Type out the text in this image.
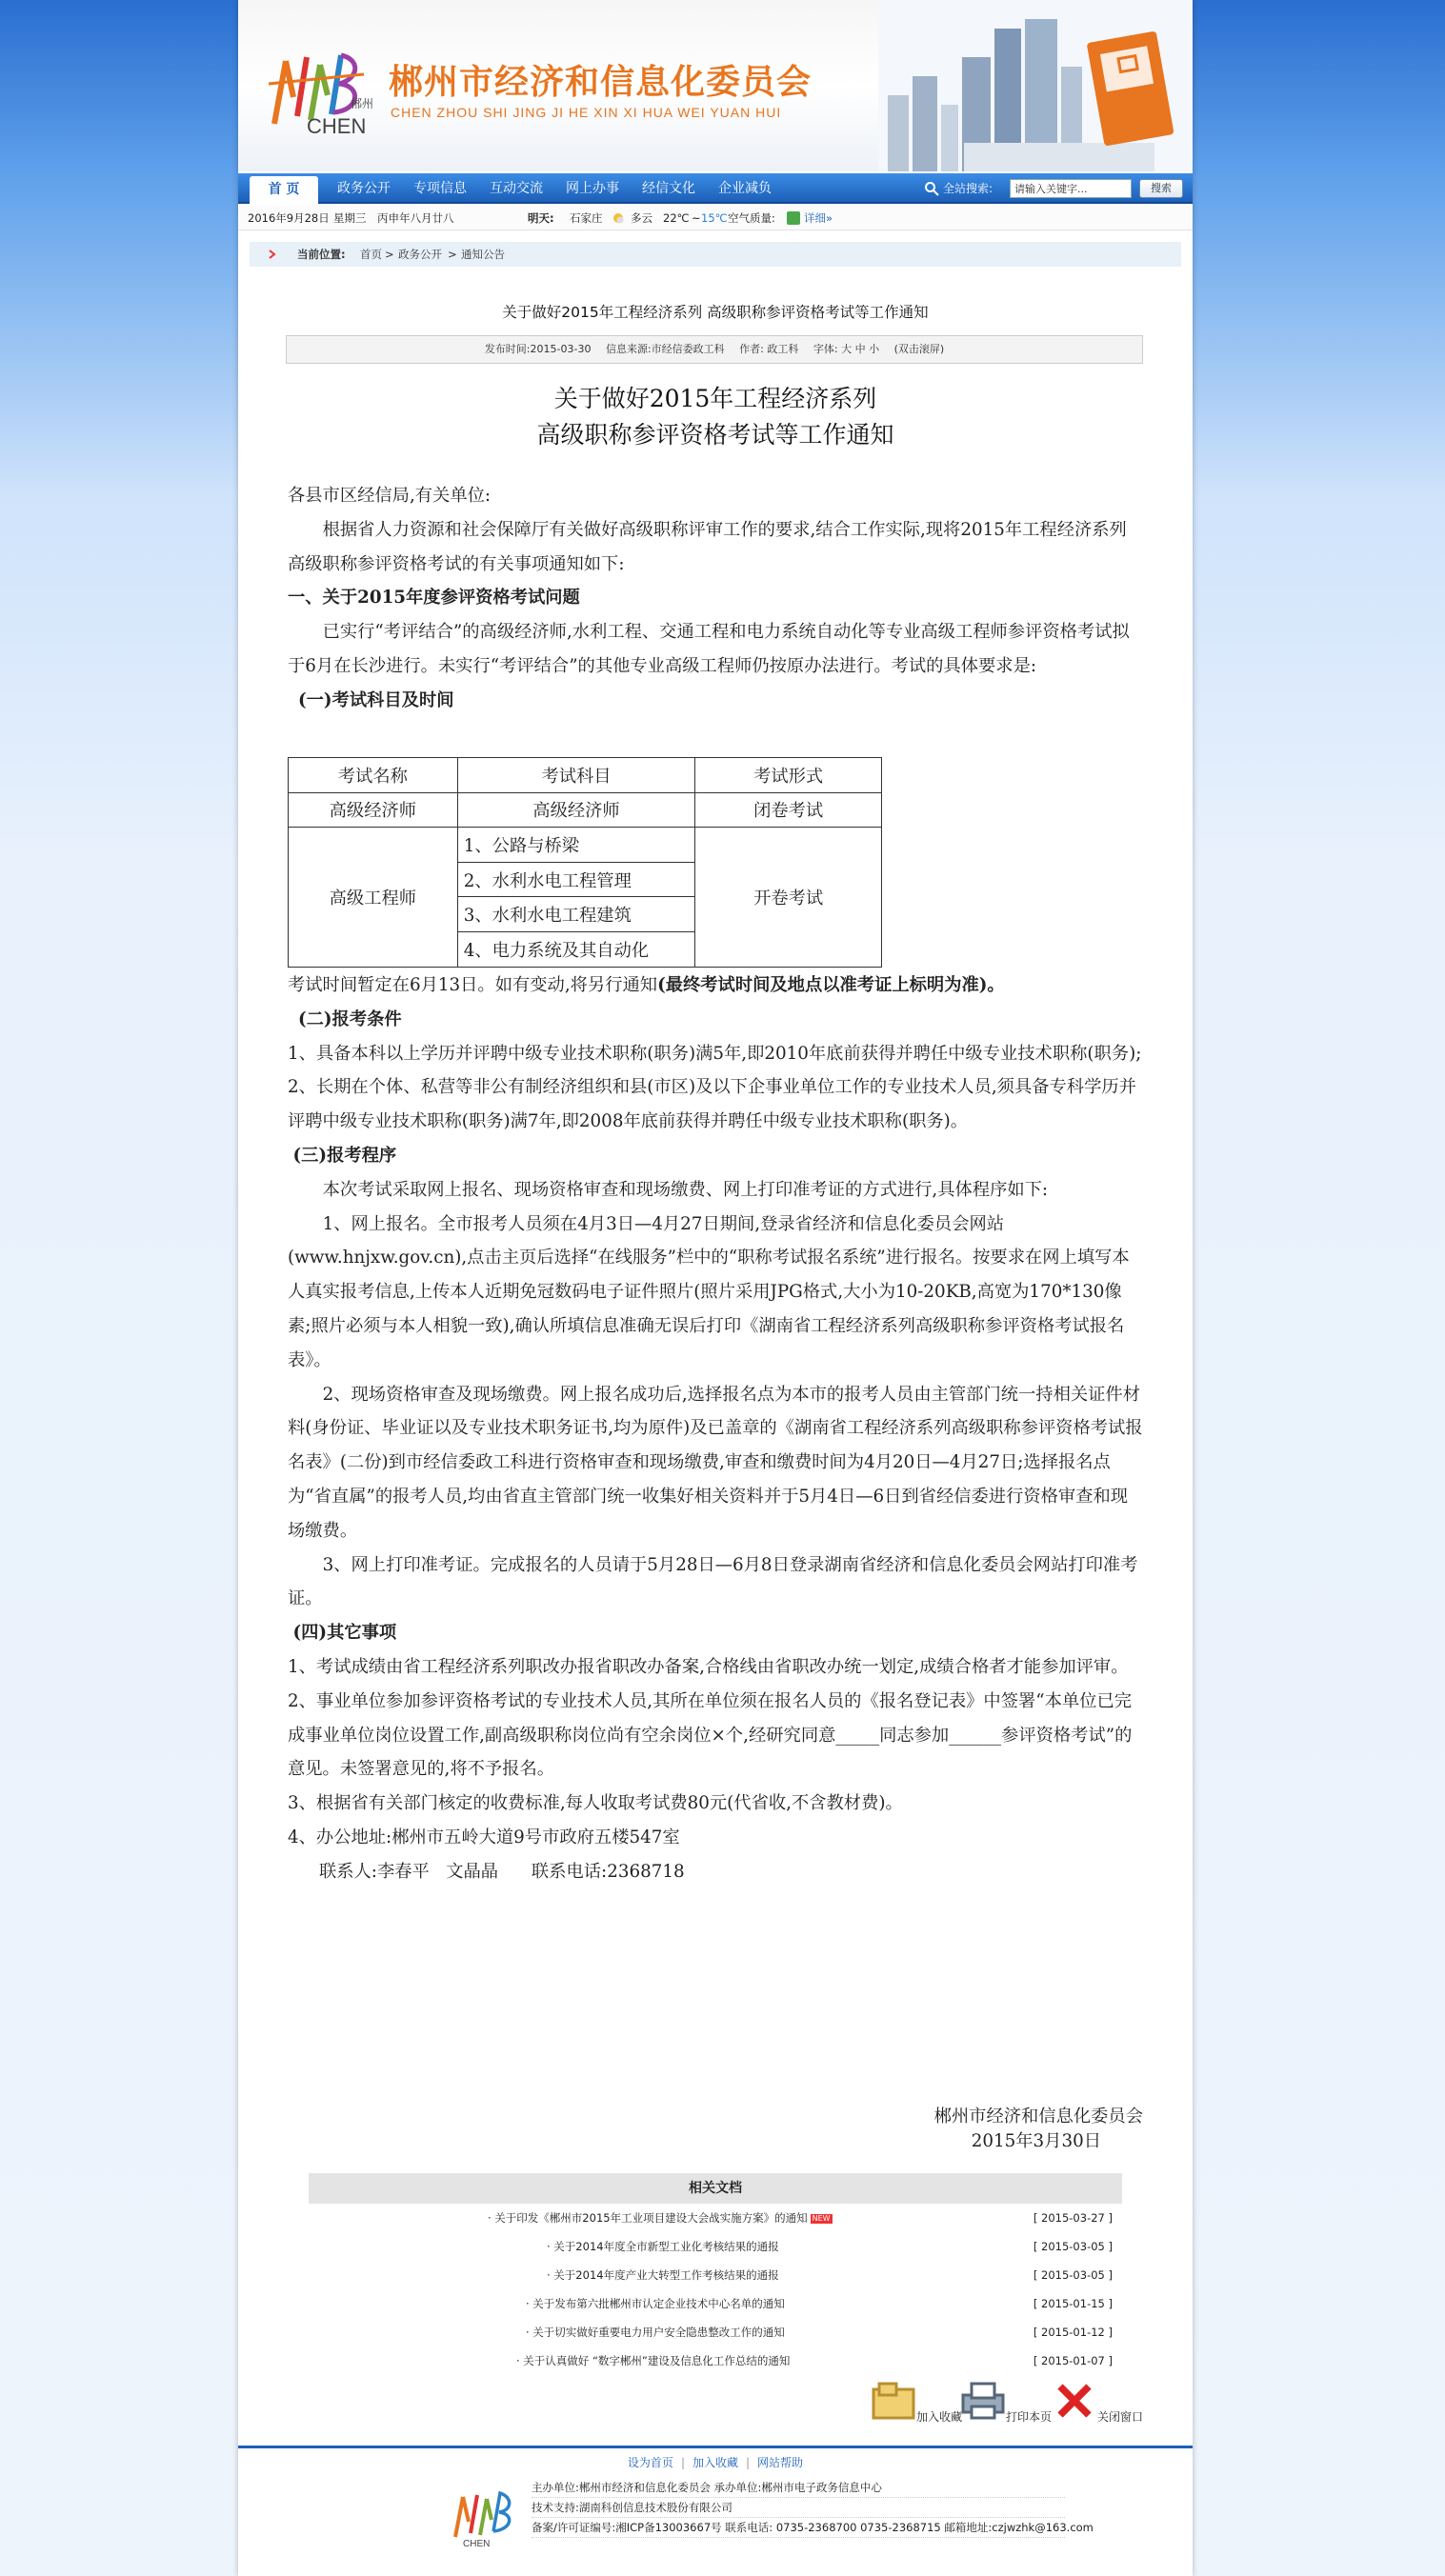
CHEN
郴州
郴州市经济和信息化委员会
CHEN ZHOU SHI JING JI HE XIN XI HUA WEI YUAN HUI
首 页	政务公开	专项信息	互动交流	网上办事	经信文化	企业减负	全站搜索:
请输入关键字...	搜索
2016年9月28日 星期三 丙申年八月廿八	明天: 石家庄	多云 22℃ ~ 15℃ 空气质量:	详细»
当前位置: 首页 > 政务公开 > 通知公告
关于做好2015年工程经济系列 高级职称参评资格考试等工作通知
发布时间:2015-03-30 信息来源:市经信委政工科 作者: 政工科 字体: 大 中 小 (双击滚屏)
关于做好2015年工程经济系列
高级职称参评资格考试等工作通知
各县市区经信局,有关单位:
根据省人力资源和社会保障厅有关做好高级职称评审工作的要求,结合工作实际,现将2015年工程经济系列高级职称参评资格考试的有关事项通知如下:
一、关于2015年度参评资格考试问题
已实行“考评结合”的高级经济师,水利工程、交通工程和电力系统自动化等专业高级工程师参评资格考试拟于6月在长沙进行。未实行“考评结合”的其他专业高级工程师仍按原办法进行。考试的具体要求是:
(一)考试科目及时间
考试名称	考试科目	考试形式
高级经济师	高级经济师	闭卷考试
高级工程师	1、公路与桥梁	开卷考试
	2、水利水电工程管理	
	3、水利水电工程建筑	
	4、电力系统及其自动化	
考试时间暂定在6月13日。如有变动,将另行通知(最终考试时间及地点以准考证上标明为准)。
(二)报考条件
1、具备本科以上学历并评聘中级专业技术职称(职务)满5年,即2010年底前获得并聘任中级专业技术职称(职务);
2、长期在个体、私营等非公有制经济组织和县(市区)及以下企事业单位工作的专业技术人员,须具备专科学历并评聘中级专业技术职称(职务)满7年,即2008年底前获得并聘任中级专业技术职称(职务)。
(三)报考程序
本次考试采取网上报名、现场资格审查和现场缴费、网上打印准考证的方式进行,具体程序如下:
1、网上报名。全市报考人员须在4月3日—4月27日期间,登录省经济和信息化委员会网站(www.hnjxw.gov.cn),点击主页后选择“在线服务”栏中的“职称考试报名系统”进行报名。按要求在网上填写本人真实报考信息,上传本人近期免冠数码电子证件照片(照片采用JPG格式,大小为10-20KB,高宽为170*130像素;照片必须与本人相貌一致),确认所填信息准确无误后打印《湖南省工程经济系列高级职称参评资格考试报名表》。
2、现场资格审查及现场缴费。网上报名成功后,选择报名点为本市的报考人员由主管部门统一持相关证件材料(身份证、毕业证以及专业技术职务证书,均为原件)及已盖章的《湖南省工程经济系列高级职称参评资格考试报名表》(二份)到市经信委政工科进行资格审查和现场缴费,审查和缴费时间为4月20日—4月27日;选择报名点为“省直属”的报考人员,均由省直主管部门统一收集好相关资料并于5月4日—6日到省经信委进行资格审查和现场缴费。
3、网上打印准考证。完成报名的人员请于5月28日—6月8日登录湖南省经济和信息化委员会网站打印准考证。
(四)其它事项
1、考试成绩由省工程经济系列职改办报省职改办备案,合格线由省职改办统一划定,成绩合格者才能参加评审。
2、事业单位参加参评资格考试的专业技术人员,其所在单位须在报名人员的《报名登记表》中签署“本单位已完成事业单位岗位设置工作,副高级职称岗位尚有空余岗位×个,经研究同意_____同志参加______参评资格考试”的意见。未签署意见的,将不予报名。
3、根据省有关部门核定的收费标准,每人收取考试费80元(代省收,不含教材费)。
4、办公地址:郴州市五岭大道9号市政府五楼547室
联系人:李春平   文晶晶      联系电话:2368718
郴州市经济和信息化委员会
2015年3月30日
相关文档
· 关于印发《郴州市2015年工业项目建设大会战实施方案》的通知 NEW	[ 2015-03-27 ]
· 关于2014年度全市新型工业化考核结果的通报	[ 2015-03-05 ]
· 关于2014年度产业大转型工作考核结果的通报	[ 2015-03-05 ]
· 关于发布第六批郴州市认定企业技术中心名单的通知	[ 2015-01-15 ]
· 关于切实做好重要电力用户安全隐患整改工作的通知	[ 2015-01-12 ]
· 关于认真做好 “数字郴州”建设及信息化工作总结的通知	[ 2015-01-07 ]
加入收藏	打印本页	关闭窗口
设为首页 | 加入收藏 | 网站帮助
CHEN
主办单位:郴州市经济和信息化委员会 承办单位:郴州市电子政务信息中心
技术支持:湖南科创信息技术股份有限公司
备案/许可证编号:湘ICP备13003667号 联系电话: 0735-2368700 0735-2368715 邮箱地址:czjwzhk@163.com
